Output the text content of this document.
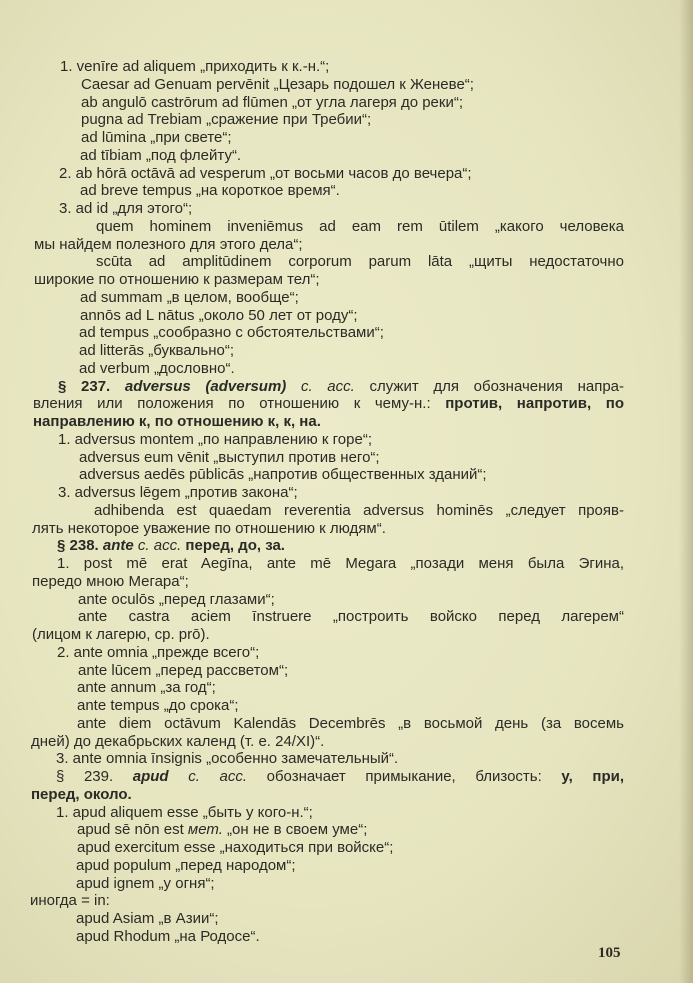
1. venīre ad aliquem „приходить к к.-н.“;
Caesar ad Genuam pervēnit „Цезарь подошел к Женеве“;
ab angulō castrōrum ad flūmen „от угла лагеря до реки“;
pugna ad Trebiam „сражение при Требии“;
ad lūmina „при свете“;
ad tībiam „под флейту“.
2. ab hōrā octāvā ad vesperum „от восьми часов до вечера“;
ad breve tempus „на короткое время“.
3. ad id „для этого“;
quem hominem inveniēmus ad eam rem ūtilem „какого человека
мы найдем полезного для этого дела“;
scūta ad amplitūdinem corporum parum lāta „щиты недостаточно
широкие по отношению к размерам тел“;
ad summam „в целом, вообще“;
annōs ad L nātus „около 50 лет от роду“;
ad tempus „сообразно с обстоятельствами“;
ad litterās „буквально“;
ad verbum „дословно“.
§ 237. adversus (adversum) c. acc. служит для обозначения напра-
вления или положения по отношению к чему-н.: против, напротив, по
направлению к, по отношению к, к, на.
1. adversus montem „по направлению к горе“;
adversus eum vēnit „выступил против него“;
adversus aedēs pūblicās „напротив общественных зданий“;
3. adversus lēgem „против закона“;
adhibenda est quaedam reverentia adversus hominēs „следует прояв-
лять некоторое уважение по отношению к людям“.
§ 238. ante c. acc. перед, до, за.
1. post mē erat Aegīna, ante mē Megara „позади меня была Эгина,
передо мною Мегара“;
ante oculōs „перед глазами“;
ante castra aciem īnstruere „построить войско перед лагерем“
(лицом к лагерю, ср. prō).
2. ante omnia „прежде всего“;
ante lūcem „перед рассветом“;
ante annum „за год“;
ante tempus „до срока“;
ante diem octāvum Kalendās Decembrēs „в восьмой день (за восемь
дней) до декабрьских календ (т. е. 24/XI)“.
3. ante omnia īnsignis „особенно замечательный“.
§ 239. apud c. acc. обозначает примыкание, близость: у, при,
перед, около.
1. apud aliquem esse „быть у кого-н.“;
apud sē nōn est мет. „он не в своем уме“;
apud exercitum esse „находиться при войске“;
apud populum „перед народом“;
apud ignem „у огня“;
иногда = in:
apud Asiam „в Азии“;
apud Rhodum „на Родосе“.
105
